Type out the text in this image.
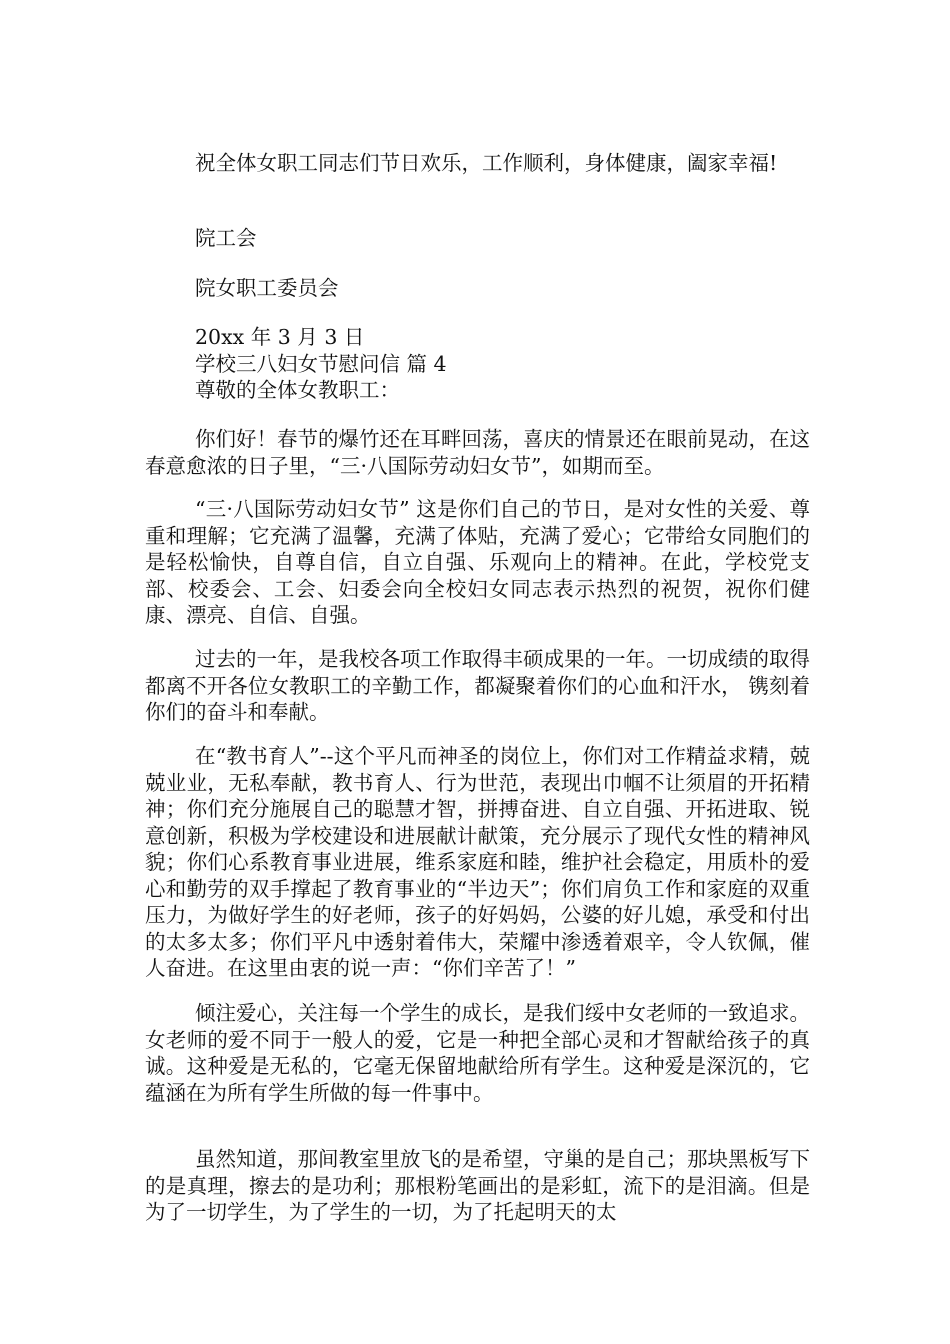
祝全体女职工同志们节日欢乐，工作顺利，身体健康，阖家幸福!

院工会

院女职工委员会

20xx 年 3 月 3 日

学校三八妇女节慰问信 篇 4

尊敬的全体女教职工：

你们好！春节的爆竹还在耳畔回荡，喜庆的情景还在眼前晃动，在这春意愈浓的日子里，“三·八国际劳动妇女节”，如期而至。

“三·八国际劳动妇女节” 这是你们自己的节日，是对女性的关爱、尊重和理解；它充满了温馨，充满了体贴，充满了爱心；它带给女同胞们的是轻松愉快，自尊自信，自立自强、乐观向上的精神。在此，学校党支部、校委会、工会、妇委会向全校妇女同志表示热烈的祝贺，祝你们健康、漂亮、自信、自强。

过去的一年，是我校各项工作取得丰硕成果的一年。一切成绩的取得都离不开各位女教职工的辛勤工作，都凝聚着你们的心血和汗水， 镌刻着你们的奋斗和奉献。

在“教书育人”--这个平凡而神圣的岗位上，你们对工作精益求精，兢兢业业，无私奉献，教书育人、行为世范，表现出巾帼不让须眉的开拓精神；你们充分施展自己的聪慧才智，拼搏奋进、自立自强、开拓进取、锐意创新，积极为学校建设和进展献计献策，充分展示了现代女性的精神风貌；你们心系教育事业进展，维系家庭和睦，维护社会稳定，用质朴的爱心和勤劳的双手撑起了教育事业的“半边天”；你们肩负工作和家庭的双重压力，为做好学生的好老师，孩子的好妈妈，公婆的好儿媳，承受和付出的太多太多；你们平凡中透射着伟大，荣耀中渗透着艰辛，令人钦佩，催人奋进。在这里由衷的说一声：“你们辛苦了！”

倾注爱心，关注每一个学生的成长，是我们绥中女老师的一致追求。女老师的爱不同于一般人的爱，它是一种把全部心灵和才智献给孩子的真诚。这种爱是无私的，它毫无保留地献给所有学生。这种爱是深沉的，它蕴涵在为所有学生所做的每一件事中。

虽然知道，那间教室里放飞的是希望，守巢的是自己；那块黑板写下的是真理，擦去的是功利；那根粉笔画出的是彩虹，流下的是泪滴。但是为了一切学生，为了学生的一切，为了托起明天的太
